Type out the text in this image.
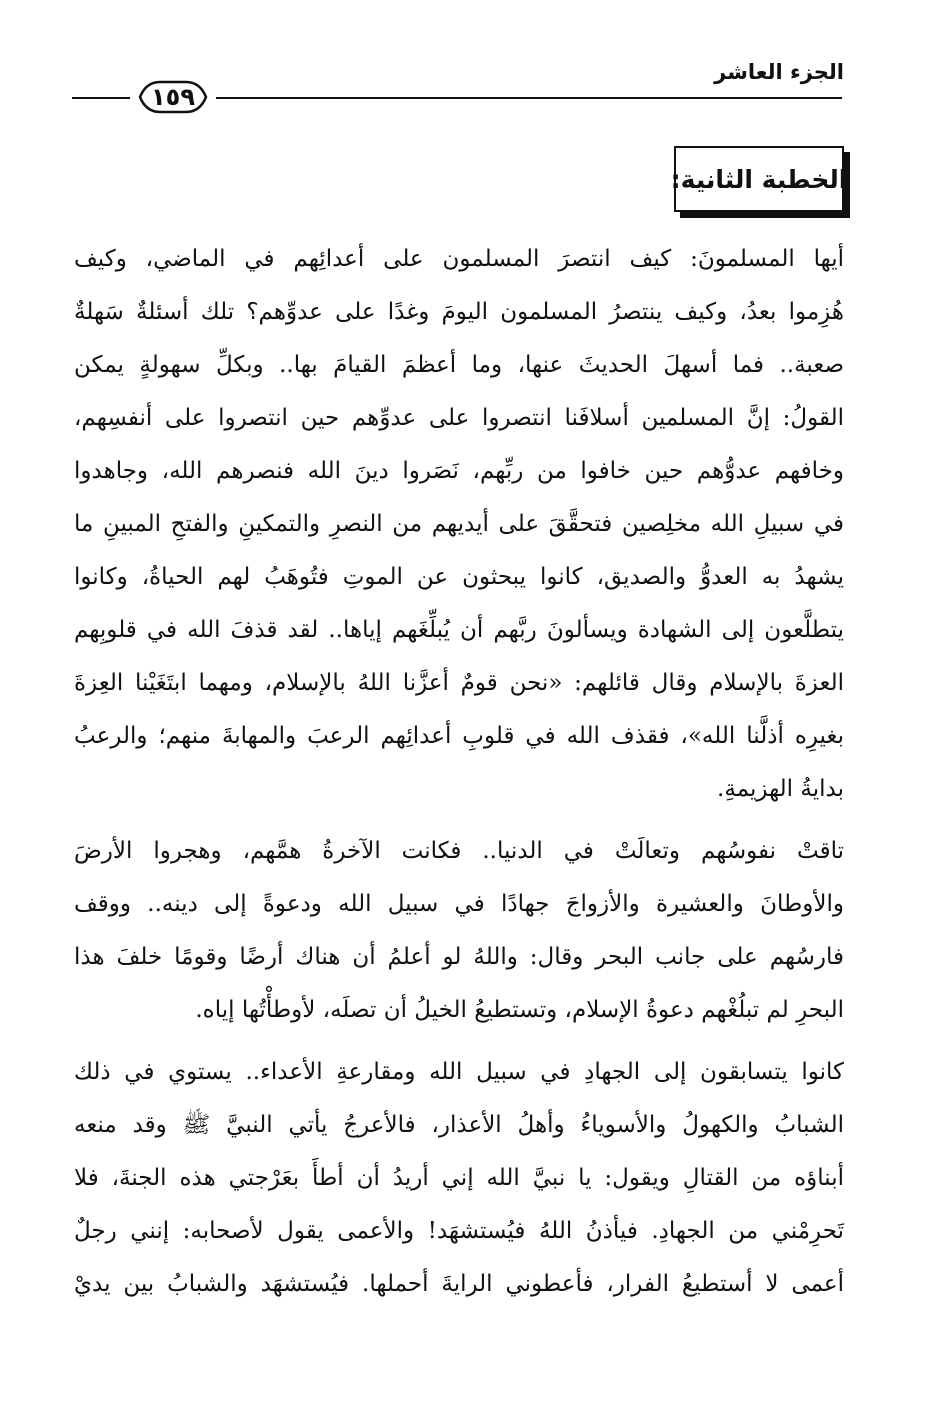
الجزء العاشر
١٥٩
الخطبة الثانية:

أيها المسلمونَ: كيف انتصرَ المسلمون على أعدائِهم في الماضي، وكيف
هُزِموا بعدُ، وكيف ينتصرُ المسلمون اليومَ وغدًا على عدوِّهم؟ تلك أسئلةٌ سَهلةٌ
صعبة.. فما أسهلَ الحديثَ عنها، وما أعظمَ القيامَ بها.. وبكلِّ سهولةٍ يمكن
القولُ: إنَّ المسلمين أسلافَنا انتصروا على عدوِّهم حين انتصروا على أنفسِهم،
وخافهم عدوُّهم حين خافوا من ربِّهم، نَصَروا دينَ الله فنصرهم الله، وجاهدوا
في سبيلِ الله مخلِصين فتحقَّقَ على أيديهم من النصرِ والتمكينِ والفتحِ المبينِ ما
يشهدُ به العدوُّ والصديق، كانوا يبحثون عن الموتِ فتُوهَبُ لهم الحياةُ، وكانوا
يتطلَّعون إلى الشهادة ويسألونَ ربَّهم أن يُبلِّغَهم إياها.. لقد قذفَ الله في قلوبِهم
العزةَ بالإسلام وقال قائلهم: «نحن قومٌ أعزَّنا اللهُ بالإسلام، ومهما ابتَغَيْنا العِزةَ
بغيرِه أذلَّنا الله»، فقذف الله في قلوبِ أعدائِهم الرعبَ والمهابةَ منهم؛ والرعبُ
بدايةُ الهزيمةِ.

تاقتْ نفوسُهم وتعالَتْ في الدنيا.. فكانت الآخرةُ همَّهم، وهجروا الأرضَ
والأوطانَ والعشيرة والأزواجَ جهادًا في سبيل الله ودعوةً إلى دينه.. ووقف
فارسُهم على جانب البحر وقال: واللهُ لو أعلمُ أن هناك أرضًا وقومًا خلفَ هذا
البحرِ لم تبلُغْهم دعوةُ الإسلام، وتستطيعُ الخيلُ أن تصلَه، لأوطأْتُها إياه.

كانوا يتسابقون إلى الجهادِ في سبيل الله ومقارعةِ الأعداء.. يستوي في ذلك
الشبابُ والكهولُ والأسوياءُ وأهلُ الأعذار، فالأعرجُ يأتي النبيَّ ﷺ وقد منعه
أبناؤه من القتالِ ويقول: يا نبيَّ الله إني أريدُ أن أطأَ بعَرْجتي هذه الجنةَ، فلا
تَحرِمْني من الجهادِ. فيأذنُ اللهُ فيُستشهَد! والأعمى يقول لأصحابه: إنني رجلٌ
أعمى لا أستطيعُ الفرار، فأعطوني الرايةَ أحملها. فيُستشهَد والشبابُ بين يديْ
